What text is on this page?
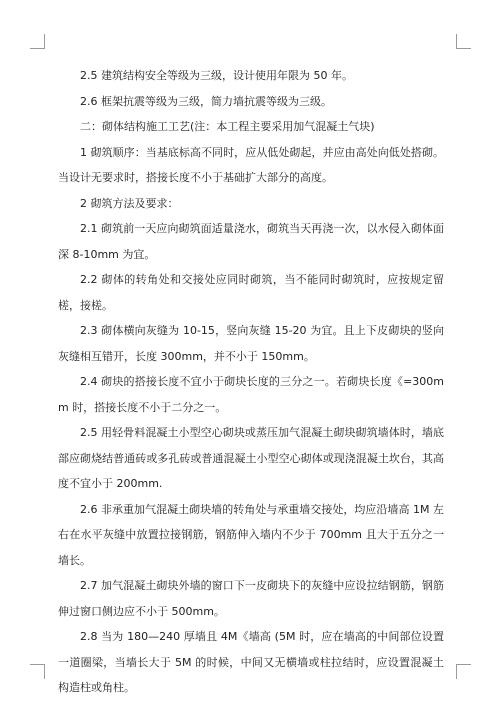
2.5 建筑结构安全等级为三级，设计使用年限为 50 年。

2.6 框架抗震等级为三级，简力墙抗震等级为三级。

二：砌体结构施工工艺(注：本工程主要采用加气混凝土气块)

1 砌筑顺序：当基底标高不同时，应从低处砌起，并应由高处向低处搭砌。当设计无要求时，搭接长度不小于基础扩大部分的高度。

2 砌筑方法及要求：

2.1 砌筑前一天应向砌筑面适量浇水，砌筑当天再浇一次，以水侵入砌体面深 8-10mm 为宜。

2.2 砌体的转角处和交接处应同时砌筑，当不能同时砌筑时，应按规定留槎，接槎。

2.3 砌体横向灰缝为 10-15，竖向灰缝 15-20 为宜。且上下皮砌块的竖向灰缝相互错开，长度 300mm，并不小于 150mm。

2.4 砌块的搭接长度不宜小于砌块长度的三分之一。若砌块长度《=300mm 时，搭接长度不小于二分之一。

2.5 用轻骨料混凝土小型空心砌块或蒸压加气混凝土砌块砌筑墙体时，墙底部应砌烧结普通砖或多孔砖或普通混凝土小型空心砌体或现浇混凝土坎台，其高度不宜小于 200mm.

2.6 非承重加气混凝土砌块墙的转角处与承重墙交接处，均应沿墙高 1M 左右在水平灰缝中放置拉接钢筋，钢筋伸入墙内不少于 700mm 且大于五分之一墙长。

2.7 加气混凝土砌块外墙的窗口下一皮砌块下的灰缝中应设拉结钢筋，钢筋伸过窗口侧边应不小于 500mm。

2.8 当为 180—240 厚墙且 4M《墙高 (5M 时，应在墙高的中间部位设置一道圈梁，当墙长大于 5M 的时候，中间又无横墙或柱拉结时，应设置混凝土构造柱或角柱。
